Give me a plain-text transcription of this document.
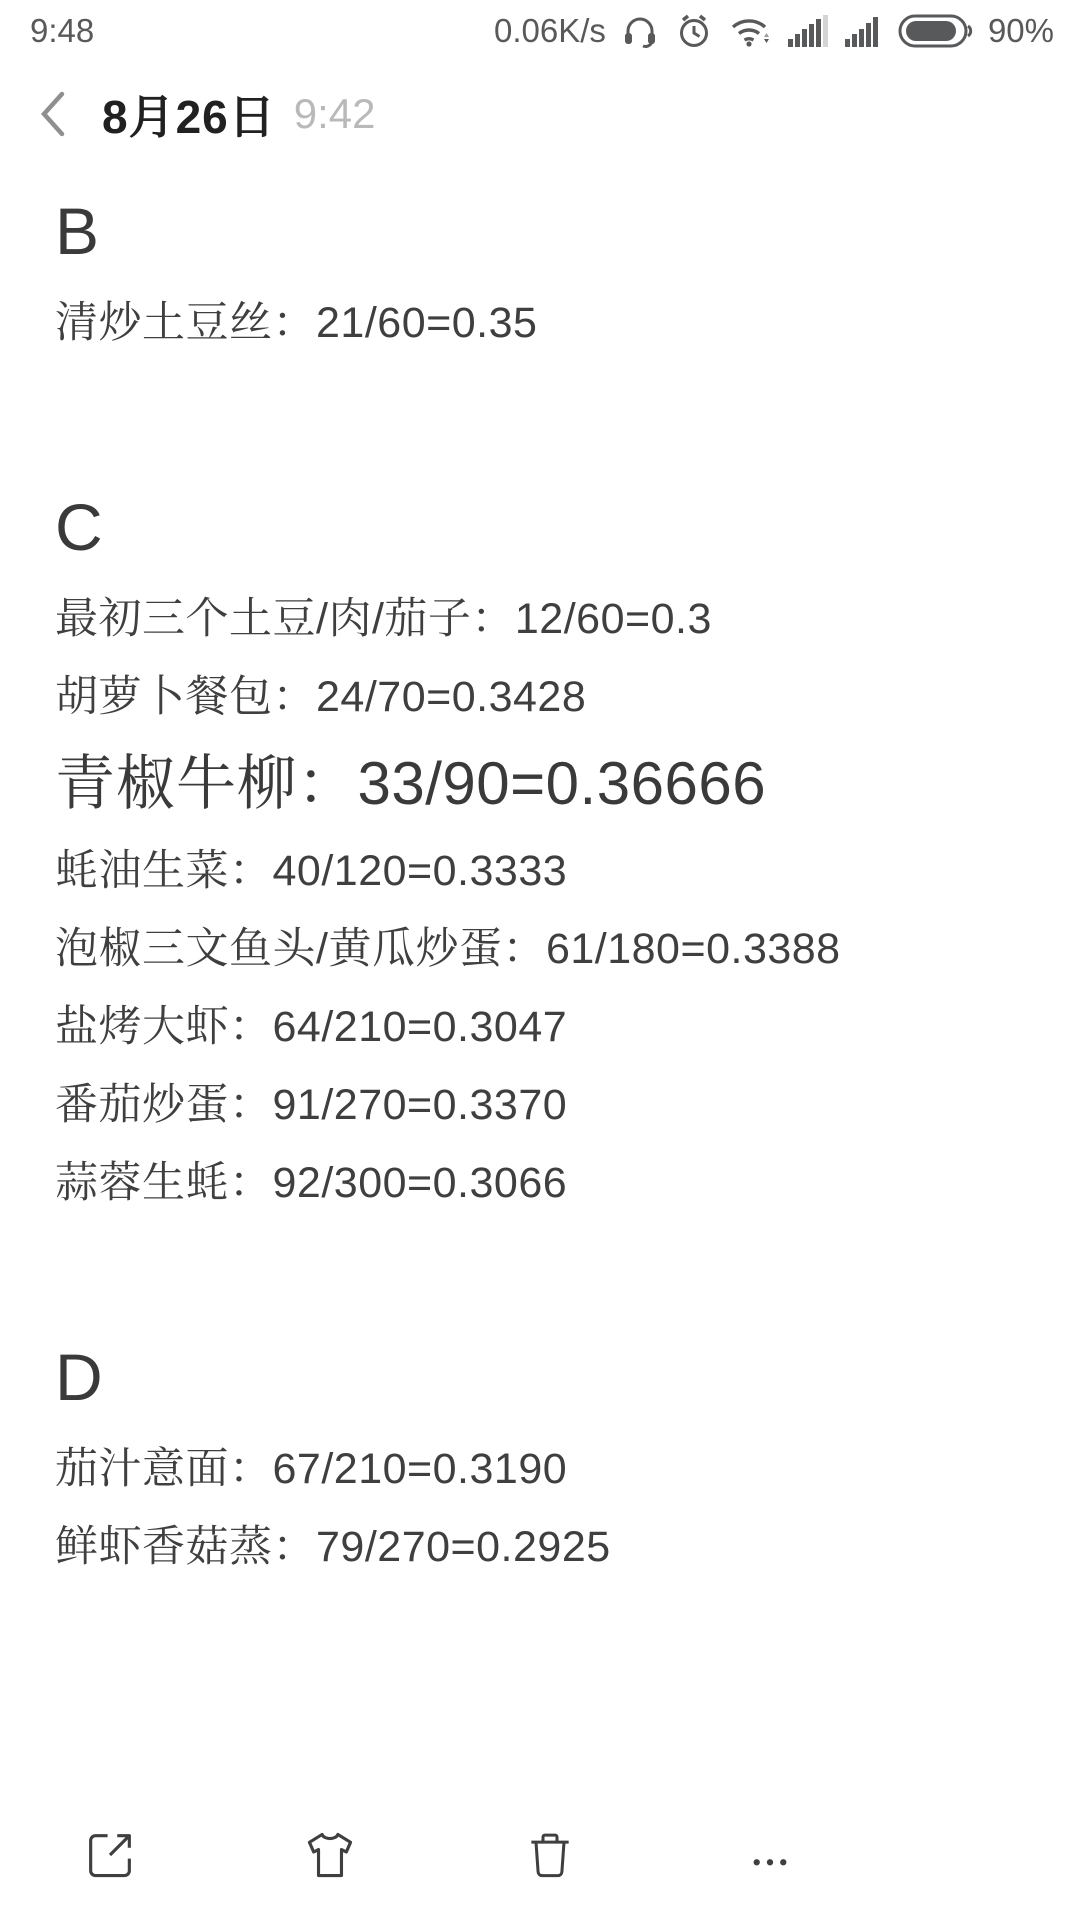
9:48	0.06K/s	90%
8月26日 9:42
B

清炒土豆丝：21/60=0.35

C

最初三个土豆/肉/茄子：12/60=0.3

胡萝卜餐包：24/70=0.3428

青椒牛柳：33/90=0.36666

蚝油生菜：40/120=0.3333

泡椒三文鱼头/黄瓜炒蛋：61/180=0.3388

盐烤大虾：64/210=0.3047

番茄炒蛋：91/270=0.3370

蒜蓉生蚝：92/300=0.3066

D

茄汁意面：67/210=0.3190

鲜虾香菇蒸：79/270=0.2925
